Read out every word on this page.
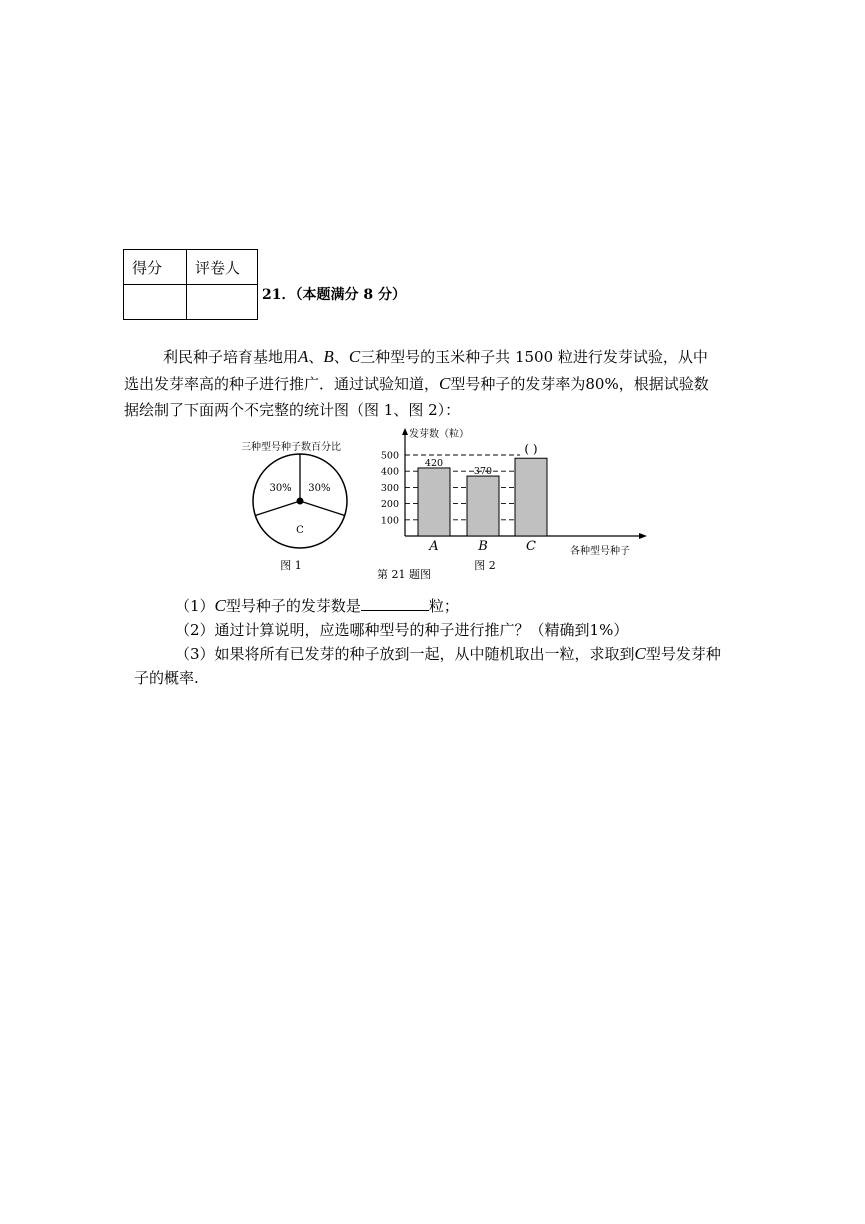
得分	评卷人

21．（本题满分 8 分）
利民种子培育基地用A、B、C三种型号的玉米种子共 1500 粒进行发芽试验，从中
选出发芽率高的种子进行推广．通过试验知道，C型号种子的发芽率为80%，根据试验数
据绘制了下面两个不完整的统计图（图 1、图 2）：
三种型号种子数百分比
30%
C
30%
图 1
发芽数（粒）
各种型号种子
100
200
300
400
500
420
A
370
B
( )
C
图 2
第 21 题图
（1）C型号种子的发芽数是	粒；
（2）通过计算说明，应选哪种型号的种子进行推广？（精确到1%）
（3）如果将所有已发芽的种子放到一起，从中随机取出一粒，求取到C型号发芽种
子的概率.
